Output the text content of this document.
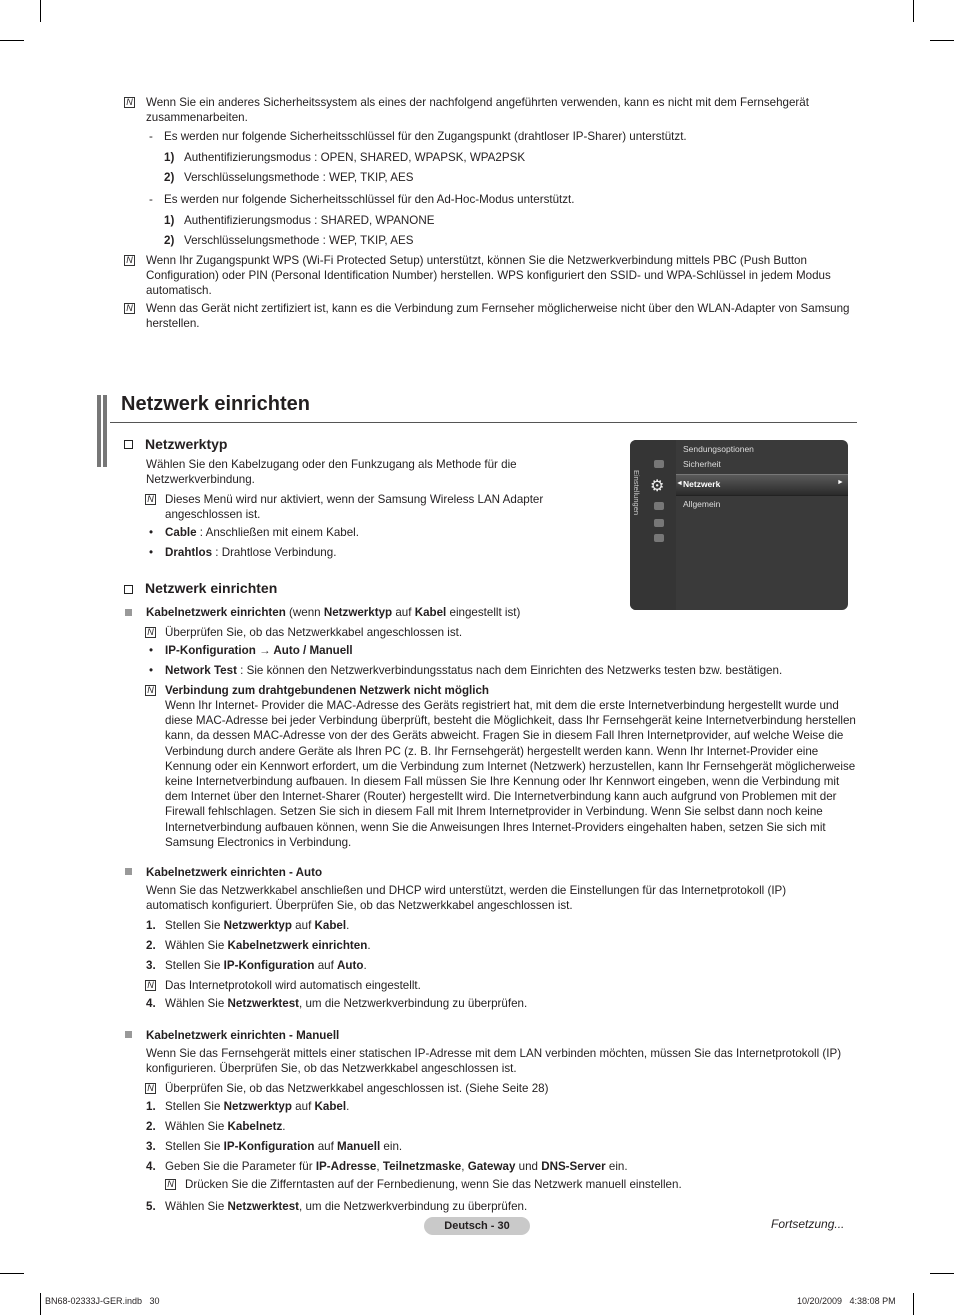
N Wenn Sie ein anderes Sicherheitssystem als eines der nachfolgend angeführten verwenden, kann es nicht mit dem Fernsehgerät zusammenarbeiten.
- Es werden nur folgende Sicherheitsschlüssel für den Zugangspunkt (drahtloser IP-Sharer) unterstützt.
1) Authentifizierungsmodus : OPEN, SHARED, WPAPSK, WPA2PSK
2) Verschlüsselungsmethode : WEP, TKIP, AES
- Es werden nur folgende Sicherheitsschlüssel für den Ad-Hoc-Modus unterstützt.
1) Authentifizierungsmodus : SHARED, WPANONE
2) Verschlüsselungsmethode : WEP, TKIP, AES
N Wenn Ihr Zugangspunkt WPS (Wi-Fi Protected Setup) unterstützt, können Sie die Netzwerkverbindung mittels PBC (Push Button Configuration) oder PIN (Personal Identification Number) herstellen. WPS konfiguriert den SSID- und WPA-Schlüssel in jedem Modus automatisch.
N Wenn das Gerät nicht zertifiziert ist, kann es die Verbindung zum Fernseher möglicherweise nicht über den WLAN-Adapter von Samsung herstellen.
Netzwerk einrichten
Netzwerktyp
Wählen Sie den Kabelzugang oder den Funkzugang als Methode für die Netzwerkverbindung.
N Dieses Menü wird nur aktiviert, wenn der Samsung Wireless LAN Adapter angeschlossen ist.
• Cable : Anschließen mit einem Kabel.
• Drahtlos : Drahtlose Verbindung.
Einstellungen ⚙
Sendungsoptionen
Sicherheit
Netzwerk	►
◄
Allgemein
Netzwerk einrichten
Kabelnetzwerk einrichten (wenn Netzwerktyp auf Kabel eingestellt ist)
N Überprüfen Sie, ob das Netzwerkkabel angeschlossen ist.
• IP-Konfiguration → Auto / Manuell
• Network Test : Sie können den Netzwerkverbindungsstatus nach dem Einrichten des Netzwerks testen bzw. bestätigen.
N Verbindung zum drahtgebundenen Netzwerk nicht möglich
Wenn Ihr Internet- Provider die MAC-Adresse des Geräts registriert hat, mit dem die erste Internetverbindung hergestellt wurde und diese MAC-Adresse bei jeder Verbindung überprüft, besteht die Möglichkeit, dass Ihr Fernsehgerät keine Internetverbindung herstellen kann, da dessen MAC-Adresse von der des Geräts abweicht. Fragen Sie in diesem Fall Ihren Internetprovider, auf welche Weise die Verbindung durch andere Geräte als Ihren PC (z. B. Ihr Fernsehgerät) hergestellt werden kann. Wenn Ihr Internet-Provider eine Kennung oder ein Kennwort erfordert, um die Verbindung zum Internet (Netzwerk) herzustellen, kann Ihr Fernsehgerät möglicherweise keine Internetverbindung aufbauen. In diesem Fall müssen Sie Ihre Kennung oder Ihr Kennwort eingeben, wenn die Verbindung mit dem Internet über den Internet-Sharer (Router) hergestellt wird. Die Internetverbindung kann auch aufgrund von Problemen mit der Firewall fehlschlagen. Setzen Sie sich in diesem Fall mit Ihrem Internetprovider in Verbindung. Wenn Sie selbst dann noch keine Internetverbindung aufbauen können, wenn Sie die Anweisungen Ihres Internet-Providers eingehalten haben, setzen Sie sich mit Samsung Electronics in Verbindung.
Kabelnetzwerk einrichten - Auto
Wenn Sie das Netzwerkkabel anschließen und DHCP wird unterstützt, werden die Einstellungen für das Internetprotokoll (IP) automatisch konfiguriert. Überprüfen Sie, ob das Netzwerkkabel angeschlossen ist.
1. Stellen Sie Netzwerktyp auf Kabel.
2. Wählen Sie Kabelnetzwerk einrichten.
3. Stellen Sie IP-Konfiguration auf Auto.
N Das Internetprotokoll wird automatisch eingestellt.
4. Wählen Sie Netzwerktest, um die Netzwerkverbindung zu überprüfen.
Kabelnetzwerk einrichten - Manuell
Wenn Sie das Fernsehgerät mittels einer statischen IP-Adresse mit dem LAN verbinden möchten, müssen Sie das Internetprotokoll (IP) konfigurieren. Überprüfen Sie, ob das Netzwerkkabel angeschlossen ist.
N Überprüfen Sie, ob das Netzwerkkabel angeschlossen ist. (Siehe Seite 28)
1. Stellen Sie Netzwerktyp auf Kabel.
2. Wählen Sie Kabelnetz.
3. Stellen Sie IP-Konfiguration auf Manuell ein.
4. Geben Sie die Parameter für IP-Adresse, Teilnetzmaske, Gateway und DNS-Server ein.
N Drücken Sie die Zifferntasten auf der Fernbedienung, wenn Sie das Netzwerk manuell einstellen.
5. Wählen Sie Netzwerktest, um die Netzwerkverbindung zu überprüfen.
Deutsch - 30	Fortsetzung...
BN68-02333J-GER.indb   30	10/20/2009   4:38:08 PM
